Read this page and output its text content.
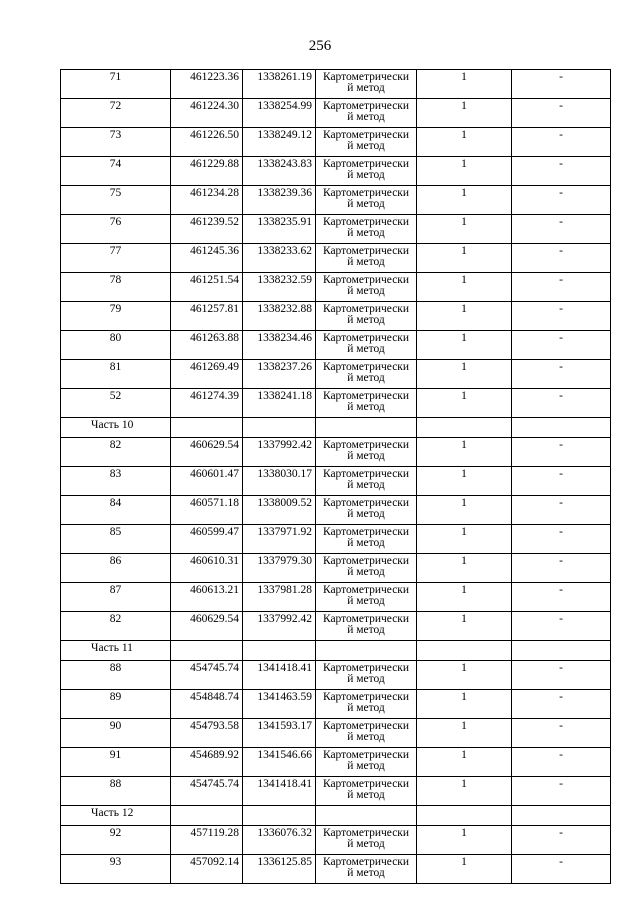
256
71	461223.36	1338261.19	Картометрически
й метод	1	-
72	461224.30	1338254.99	Картометрически
й метод	1	-
73	461226.50	1338249.12	Картометрически
й метод	1	-
74	461229.88	1338243.83	Картометрически
й метод	1	-
75	461234.28	1338239.36	Картометрически
й метод	1	-
76	461239.52	1338235.91	Картометрически
й метод	1	-
77	461245.36	1338233.62	Картометрически
й метод	1	-
78	461251.54	1338232.59	Картометрически
й метод	1	-
79	461257.81	1338232.88	Картометрически
й метод	1	-
80	461263.88	1338234.46	Картометрически
й метод	1	-
81	461269.49	1338237.26	Картометрически
й метод	1	-
52	461274.39	1338241.18	Картометрически
й метод	1	-
Часть 10					
82	460629.54	1337992.42	Картометрически
й метод	1	-
83	460601.47	1338030.17	Картометрически
й метод	1	-
84	460571.18	1338009.52	Картометрически
й метод	1	-
85	460599.47	1337971.92	Картометрически
й метод	1	-
86	460610.31	1337979.30	Картометрически
й метод	1	-
87	460613.21	1337981.28	Картометрически
й метод	1	-
82	460629.54	1337992.42	Картометрически
й метод	1	-
Часть 11					
88	454745.74	1341418.41	Картометрически
й метод	1	-
89	454848.74	1341463.59	Картометрически
й метод	1	-
90	454793.58	1341593.17	Картометрически
й метод	1	-
91	454689.92	1341546.66	Картометрически
й метод	1	-
88	454745.74	1341418.41	Картометрически
й метод	1	-
Часть 12					
92	457119.28	1336076.32	Картометрически
й метод	1	-
93	457092.14	1336125.85	Картометрически
й метод	1	-
